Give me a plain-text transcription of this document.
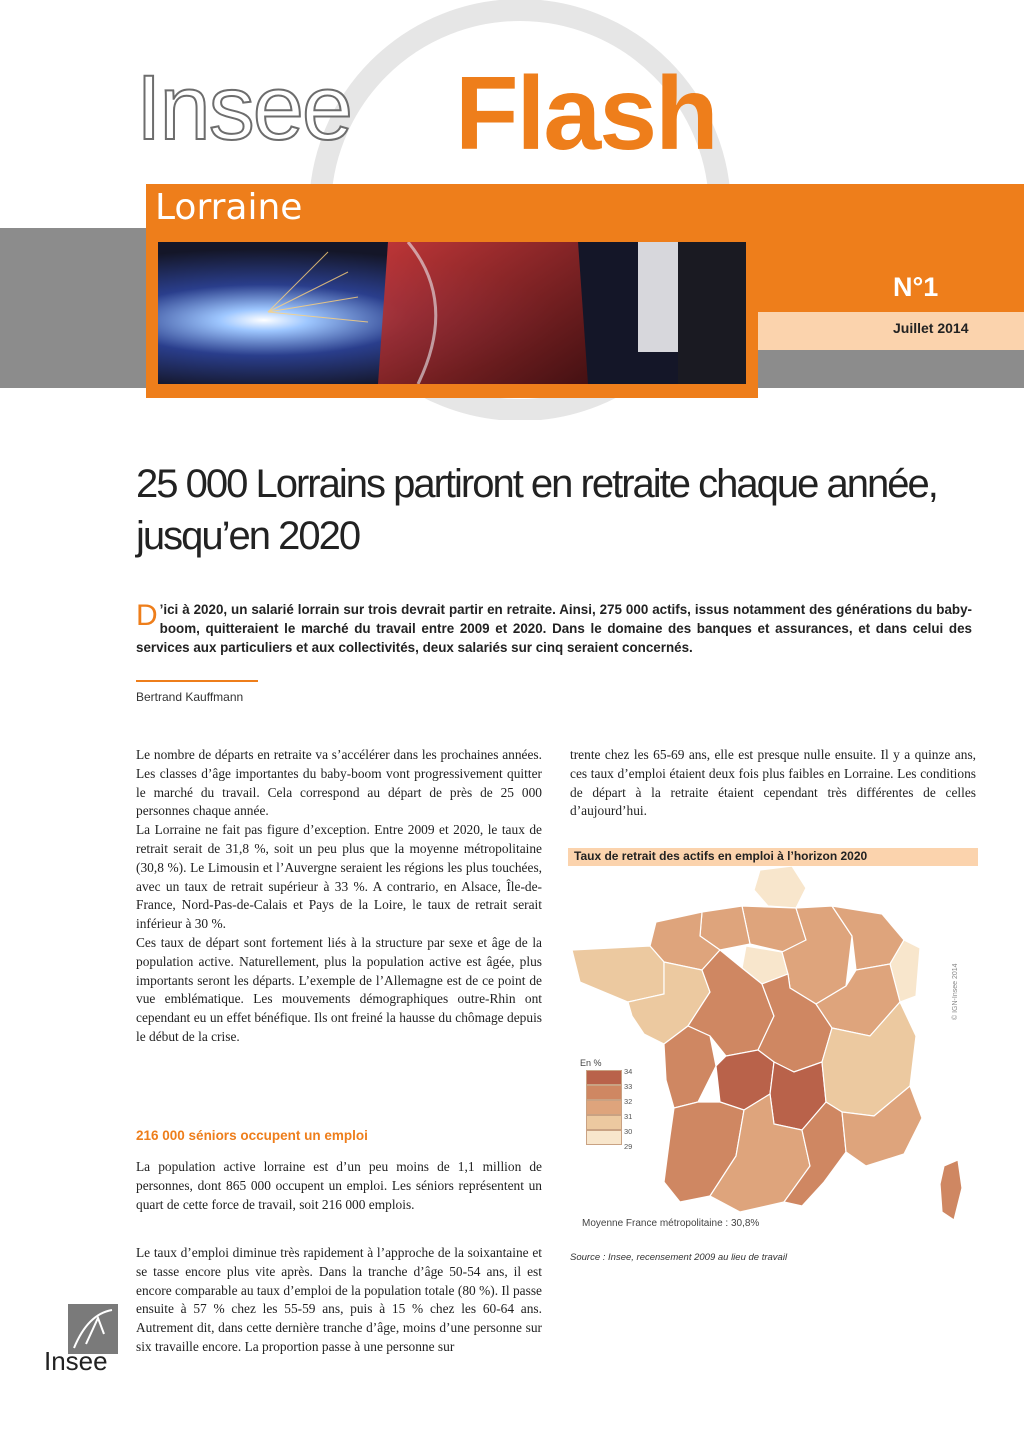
N°1
Juillet 2014
Insee Flash
Lorraine
25 000 Lorrains partiront en retraite chaque année, jusqu’en 2020
D ’ici à 2020, un salarié lorrain sur trois devrait partir en retraite. Ainsi, 275 000 actifs, issus notamment des générations du baby-boom, quitteraient le marché du travail entre 2009 et 2020. Dans le domaine des banques et assurances, et dans celui des services aux particuliers et aux collectivités, deux salariés sur cinq seraient concernés.
Bertrand Kauffmann

Le nombre de départs en retraite va s’accélérer dans les prochaines années. Les classes d’âge importantes du baby-boom vont progressivement quitter le marché du travail. Cela correspond au départ de près de 25 000 personnes chaque année.

La Lorraine ne fait pas figure d’exception. Entre 2009 et 2020, le taux de retrait serait de 31,8 %, soit un peu plus que la moyenne métropolitaine (30,8 %). Le Limousin et l’Auvergne seraient les régions les plus touchées, avec un taux de retrait supérieur à 33 %. A contrario, en Alsace, Île-de-France, Nord-Pas-de-Calais et Pays de la Loire, le taux de retrait serait inférieur à 30 %.

Ces taux de départ sont fortement liés à la structure par sexe et âge de la population active. Naturellement, plus la population active est âgée, plus importants seront les départs. L’exemple de l’Allemagne est de ce point de vue emblématique. Les mouvements démographiques outre-Rhin ont cependant eu un effet bénéfique. Ils ont freiné la hausse du chômage depuis le début de la crise.

216 000 séniors occupent un emploi

La population active lorraine est d’un peu moins de 1,1 million de personnes, dont 865 000 occupent un emploi. Les séniors représentent un quart de cette force de travail, soit 216 000 emplois.

Le taux d’emploi diminue très rapidement à l’approche de la soixantaine et se tasse encore plus vite après. Dans la tranche d’âge 50-54 ans, il est encore comparable au taux d’emploi de la population totale (80 %). Il passe ensuite à 57 % chez les 55-59 ans, puis à 15 % chez les 60-64 ans. Autrement dit, dans cette dernière tranche d’âge, moins d’une personne sur six travaille encore. La proportion passe à une personne sur

trente chez les 65-69 ans, elle est presque nulle ensuite. Il y a quinze ans, ces taux d’emploi étaient deux fois plus faibles en Lorraine. Les conditions de départ à la retraite étaient cependant très différentes de celles d’aujourd’hui.

Taux de retrait des actifs en emploi à l’horizon 2020
En %
34
33
32
31
30
29
© IGN-Insee 2014
Moyenne France métropolitaine : 30,8%
Source : Insee, recensement 2009 au lieu de travail
Insee
